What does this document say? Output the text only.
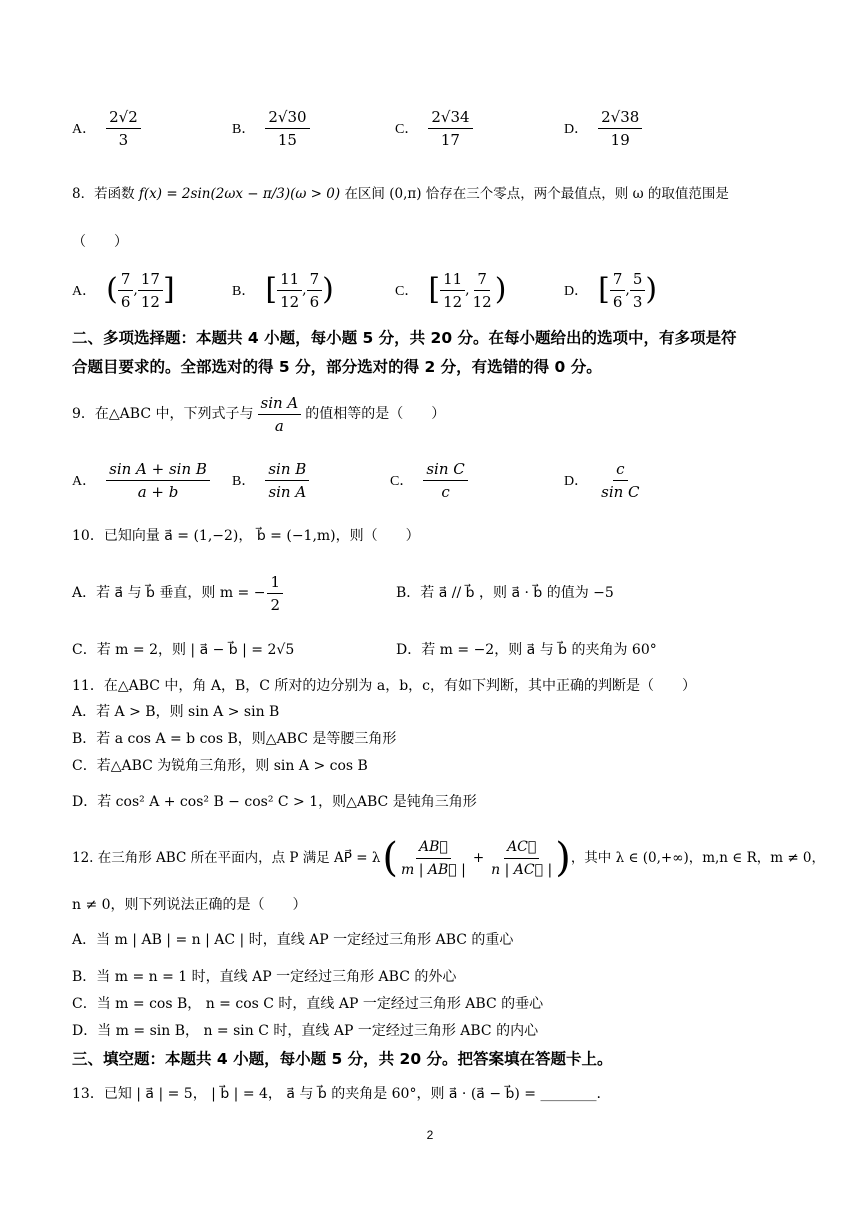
A． $\frac{2√2}{3}$	B． $\frac{2√30}{15}$	C． $\frac{2√34}{17}$	D． $\frac{2√38}{19}$
8．若函数 f(x) = 2sin(2ωx − π/3)(ω > 0) 在区间 (0,π) 恰存在三个零点，两个最值点，则 ω 的取值范围是
（　　）
A． ( $\frac{7}{6}$ , $\frac{17}{12}$ ]	B． [ $\frac{11}{12}$ , $\frac{7}{6}$ )	C． [ $\frac{11}{12}$ , $\frac{7}{12}$ )	D． [ $\frac{7}{6}$ , $\frac{5}{3}$ )
二、多项选择题：本题共 4 小题，每小题 5 分，共 20 分。在每小题给出的选项中，有多项是符
合题目要求的。全部选对的得 5 分，部分选对的得 2 分，有选错的得 0 分。
9．在△ABC 中，下列式子与 $\frac{\text{sin A}}{a}$ 的值相等的是（　　）
A． $\frac{\text{sin A + sin B}}{a + b}$ B． $\frac{\text{sin B}}{\text{sin A}}$	C． $\frac{\text{sin C}}{c}$	D． $\frac{c}{\text{sin C}}$
10．已知向量 a⃗ = (1,−2)， b⃗ = (−1,m)，则（　　）
A．若 a⃗ 与 b⃗ 垂直，则 m = − $\frac{1}{2}$	B．若 a⃗ // b⃗ ，则 a⃗ · b⃗ 的值为 −5
C．若 m = 2，则 | a⃗ − b⃗ | = 2√5	D．若 m = −2，则 a⃗ 与 b⃗ 的夹角为 60°
11．在△ABC 中，角 A，B，C 所对的边分别为 a，b，c，有如下判断，其中正确的判断是（　　）
A．若 A > B，则 sin A > sin B
B．若 a cos A = b cos B，则△ABC 是等腰三角形
C．若△ABC 为锐角三角形，则 sin A > cos B
D．若 cos² A + cos² B − cos² C > 1，则△ABC 是钝角三角形
12. 在三角形 ABC 所在平面内，点 P 满足 AP⃗ = λ ( $\frac{AB⃗}{m | AB⃗ |} + \frac{AC⃗}{n | AC⃗ |}$ ) ，其中 λ ∈ (0,+∞)，m,n ∈ R，m ≠ 0，
n ≠ 0，则下列说法正确的是（　　）
A．当 m | AB | = n | AC | 时，直线 AP 一定经过三角形 ABC 的重心
B．当 m = n = 1 时，直线 AP 一定经过三角形 ABC 的外心
C．当 m = cos B， n = cos C 时，直线 AP 一定经过三角形 ABC 的垂心
D．当 m = sin B， n = sin C 时，直线 AP 一定经过三角形 ABC 的内心
三、填空题：本题共 4 小题，每小题 5 分，共 20 分。把答案填在答题卡上。
13．已知 | a⃗ | = 5， | b⃗ | = 4， a⃗ 与 b⃗ 的夹角是 60°，则 a⃗ · (a⃗ − b⃗) = ________.
2
